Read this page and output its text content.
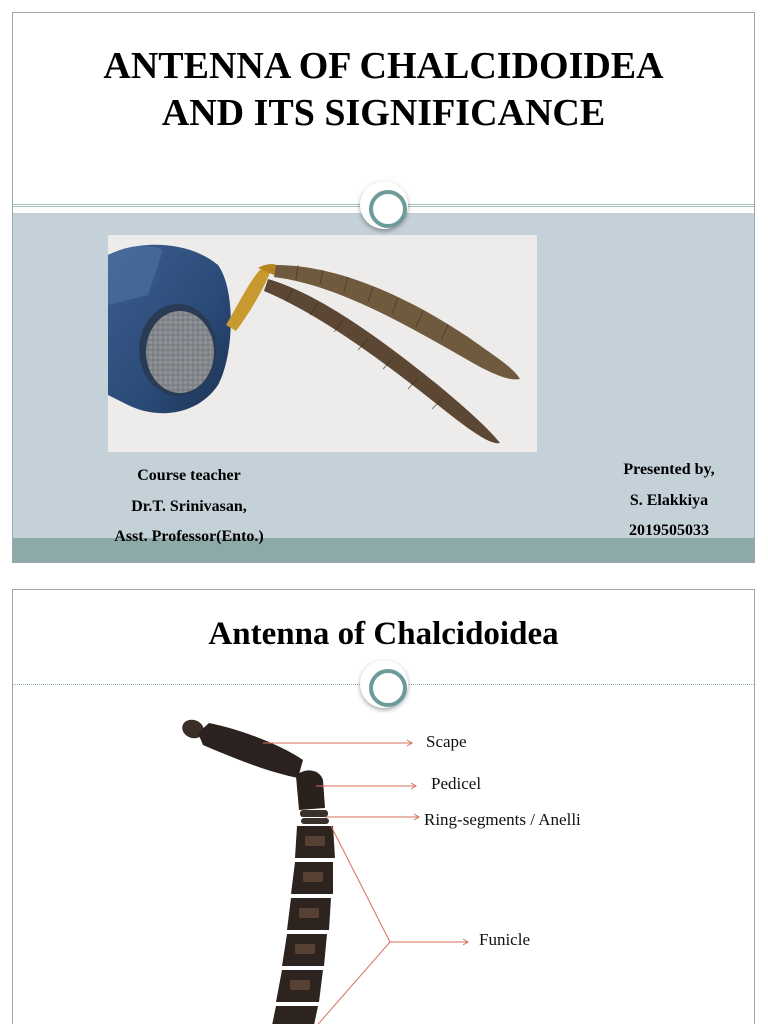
ANTENNA OF CHALCIDOIDEA AND ITS SIGNIFICANCE
Course teacher
Dr.T. Srinivasan,
Asst. Professor(Ento.)
Presented by,
S. Elakkiya
2019505033
Antenna of Chalcidoidea
Scape
Pedicel
Ring-segments / Anelli
Funicle
